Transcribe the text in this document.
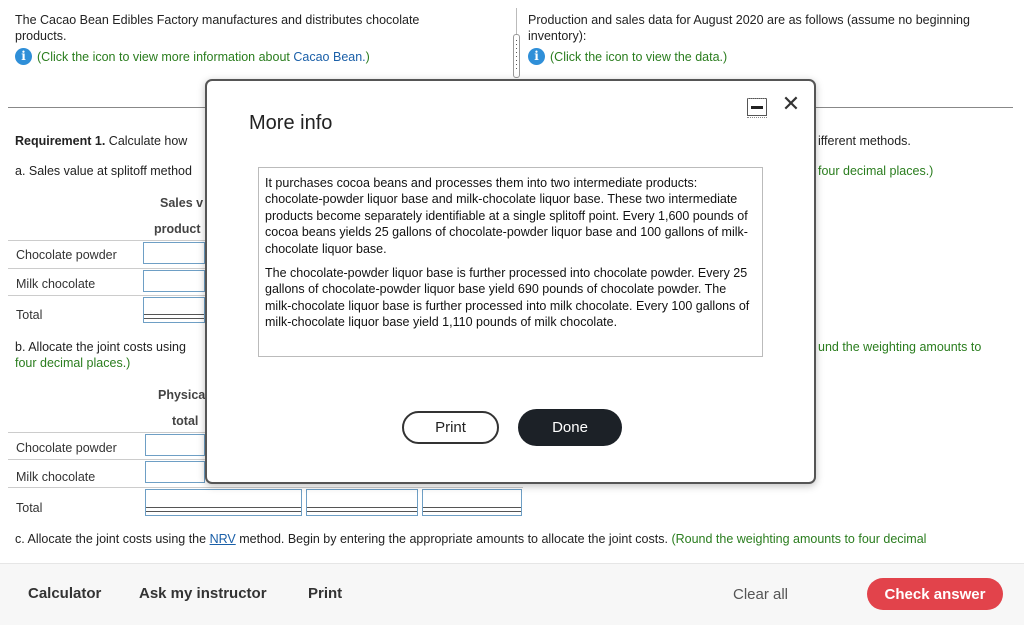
The Cacao Bean Edibles Factory manufactures and distributes chocolate
products.
i (Click the icon to view more information about Cacao Bean.)
Production and sales data for August 2020 are as follows (assume no beginning
inventory):
i (Click the icon to view the data.)
Requirement 1. Calculate how	ifferent methods.
a. Sales value at splitoff method	four decimal places.)
Sales v
product
Chocolate powder
Milk chocolate
Total
b. Allocate the joint costs using
four decimal places.)
und the weighting amounts to
Physica
total
Chocolate powder
Milk chocolate
Total
c. Allocate the joint costs using the NRV method. Begin by entering the appropriate amounts to allocate the joint costs. (Round the weighting amounts to four decimal
Calculator	Ask my instructor	Print	Clear all	Check answer
More info
✕

It purchases cocoa beans and processes them into two intermediate products: chocolate-powder liquor base and milk-chocolate liquor base. These two intermediate products become separately identifiable at a single splitoff point. Every 1,600 pounds of cocoa beans yields 25 gallons of chocolate-powder liquor base and 100 gallons of milk-chocolate liquor base.

The chocolate-powder liquor base is further processed into chocolate powder. Every 25 gallons of chocolate-powder liquor base yield 690 pounds of chocolate powder. The milk-chocolate liquor base is further processed into milk chocolate. Every 100 gallons of milk-chocolate liquor base yield 1,110 pounds of milk chocolate.

Print	Done
